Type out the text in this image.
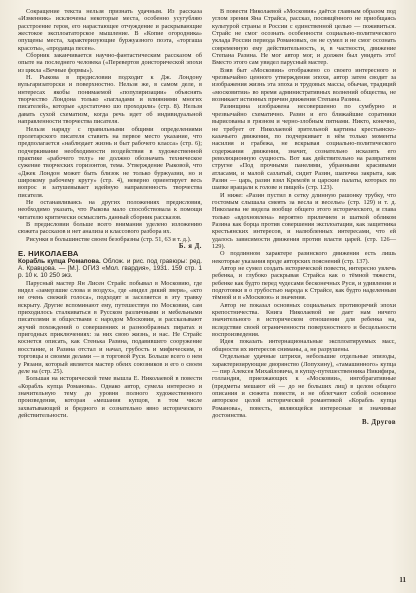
Сокращение текста нельзя признать удачным. Из рассказа «Изменник» исключены некоторые места, особенно усугубляю расстроение героя, его нарастающее отчуждение и раскрывающие жестокое эксплоататорское мышление. В «Копие огородника» опущены места, характеризующие буржуазного поэта, «торгаша красоты», «продавца песен».

Сборник заканчивается научно-фантастическим рассказом об опыте на последнего человека («Перевертов доисторической эпохи из цикла «Вечные формы»).

Н. Рыкова в предисловии подходит к Дж. Лондону вульгаризаторски и поверхностно. Нельзя же, в самом деле, в интересах якобы понимаемой «популяризации» объяснять творчество Лондона только «пагладами и влияниями многих писателей», которые «достаточно шо проходили» (стр. 8). Нельзя давать сухой схематизм, когда речь идет об индивидуальной направленности творчества писателя.

Нельзя наряду с правильными общими определениями пролетарского писателя ставить на первое место указание, что предполагается «наблюдает жизнь и быт рабочего класса» (стр. 6); подчеркивание необходимости воздействия в художественной практике «рабочего телу» не должно обозначать техническое сужение творческих горизонтов, тема. Утверждение Рыковой, что «Джек Лондон может быть близок не только буржуазии, но и широкому рабочему кругу» (стр. 4), неверно ориентирует весь вопрос и затушевывает идейную направленность творчества писателя.

Не останавливаясь на других положениях предисловия, необходимо указать, что Рыкова мало способствовала к помощи читателю критически осмыслить данный сборник рассказов.

В предисловии больше всего внимания уделено изложению сюжета рассказов и нет анализа и классового разбора их.

Рисунки в большинстве своем безобразны (стр. 51, 63 и т. д.).

Б. я Д.

Е. НИКОЛАЕВА

Корабль купца Ромапова. Облож. и рис. под гравюры: ред. А. Кравцова. — [М.]. ОГИЗ «Мол. гвардия», 1931. 159 стр. 1 р. 10 к. 10 250 экз.

Парусный мастер Ян Лисен Страйс побывал в Московию, где видел «замерзшие слова и воздух», где «видел дикий зверя», «кто не очень свежий голоса», подходят и заселяется в эту травку вскрыту. Другие вспоминают ему, путешествуя по Московии, сам приходилось сталкиваться в Русском различными и мебельными писателями и обществами с народом Московии, и рассказывают жучий похождений о совершениях и разнообразных пиратах и пригодных приключениях: за них свою жизнь, и нас. Не Страйс коснется описать, как Стенька Разина, подавившего сооружение восстание, и Разина отстал и начал, грубость и мифическим, и торговцы и своими делами — в торговой Руси. Больше всего о нем у Рязани, который является мастер обеих союзников и его о своем деле на (стр. 25).

Большая на исторической теме вышла Е. Николаевой в повести «Корабль купца Романова». Однако автор, сумела интересно и значительную тему до уровня полного художественного произведения, которая «мешания купцов, в том числе захватывающей и бредного и сознательно явно исторического действительности.

В повести Николаевой «Московия» даётся главным образом под углом зрения Яна Страйса, рассказ, посвящённого не приобщаясь культурой страны в России с единственной целью — поживиться. Страйс не смог осознать особенности социально-политического уклада России периода Романовых, он не сумел и не смог осознать современную ему действительность, и, в частности, движение Степана Разина. Не мог автор мог, и должен был увидеть это! Вместо этого сам увидел парусный мастер.

Взяв быт «Московии» отображено со своего интересного и чрезвычайно ценного утверждения эпохи, автор затем сводит за изображения жизнь эта эпоха и трудовых массы, обычая, традиций «московитии» во время административных волнений общества, не возникает истинных причин движения Степана Разина.

Разинщина изображена несовершенно по сумбурно и чрезвычайно схематично. Разин и его ближайшие соратники вырисованы в грязном и черно-злобным пятнами. Никто, конечно, не требует от Николаевой зрительной картины крестьянско-казачьего движения, по подчеркивает в нём только моменты насилия и грабежа, не вскрывая социально-политического содержания движения, значит, сознательно исказить его революционную сущность. Вот как действительно на развратном стругне «Под прочными панелями, убранными красивыми атласами, и малой сазлатый, сидит Разин, шапочка закрыта, как Разин — царь, разин взял Кремлёв и царские палаты, которых по шапке вращали к голове и пищей» (стр. 123).

И ниже: «Разин пустил в сетку длинную рашонку трубку, что гостомым слышала смеять за весла и веселье» (стр. 129) и т. д. Николаева не видела вообще общего этого исторического, и глава только «вдохновлена» вероятно приличием и шаткой обликом Разина как борца против совершения эксплоатации, как защитника крестьянских интересов, и налюбленных интересами, что ей удалось зависимости движения против власти царей. (стр. 126—129).

О подлинном характере разинского движения есть лишь некоторые указания вроде авторских пояснений (стр. 137).

Автор не сумел создать исторической повести, интересно увлечь ребенка, и глубоко раскрывая Страйса как о тёмной тяжести, ребенке как будто перед чудесами бесконечных Руси, и удивления и подготовки в о грубостью народа к Страйсе, как будто наделенным тёмной и в «Москвою» и значения.

Автор не показал основных социальных противоречий эпохи крепостничества. Книга Николаевой не дает нам ничего значительного в историческом отношении для ребенка на, вследствие своей ограниченности поверхностного и бесцельности воспроизведения.

Идея показать интернациональные эксплоатируемых масс, общности их интересов сниманы, а, не разрушены.

Отдельные удачные штрихи, небольшие отдельные эпизоды, характеризирующие дворянство (Лопухину), «тамашинного» купца — пир Алексея Михайловича, в купцу-путешественника Никифира, голландия, приезжающих к «Московии», ингобрагативные (предметы мешают ей — до не больших лиц) в целом общего описания и сюжета повести, и не облегчают собой основное авторское целой исторической романтикой «Корабль купца Романова», повесть, являющейся интересные и значимые достоинства.

В. Другов

11
